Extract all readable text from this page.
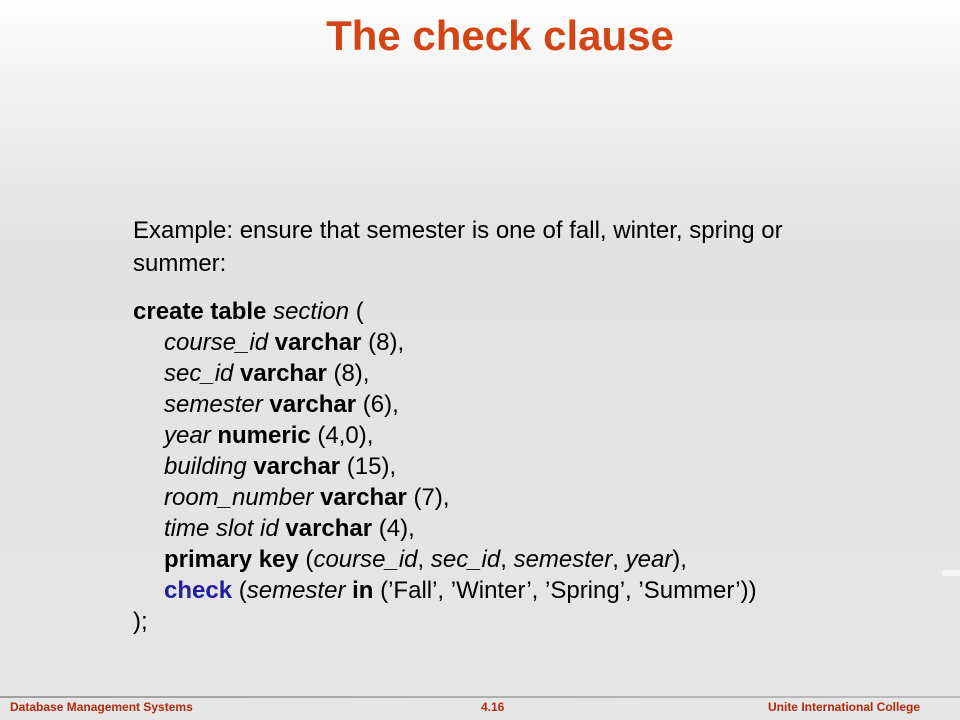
The check clause
Example: ensure that semester is one of fall, winter, spring or summer:
create table section (
course_id varchar (8),
sec_id varchar (8),
semester varchar (6),
year numeric (4,0),
building varchar (15),
room_number varchar (7),
time slot id varchar (4),
primary key (course_id, sec_id, semester, year),
check (semester in (’Fall’, ’Winter’, ’Spring’, ’Summer’))
);
Database Management Systems	4.16	Unite International College
